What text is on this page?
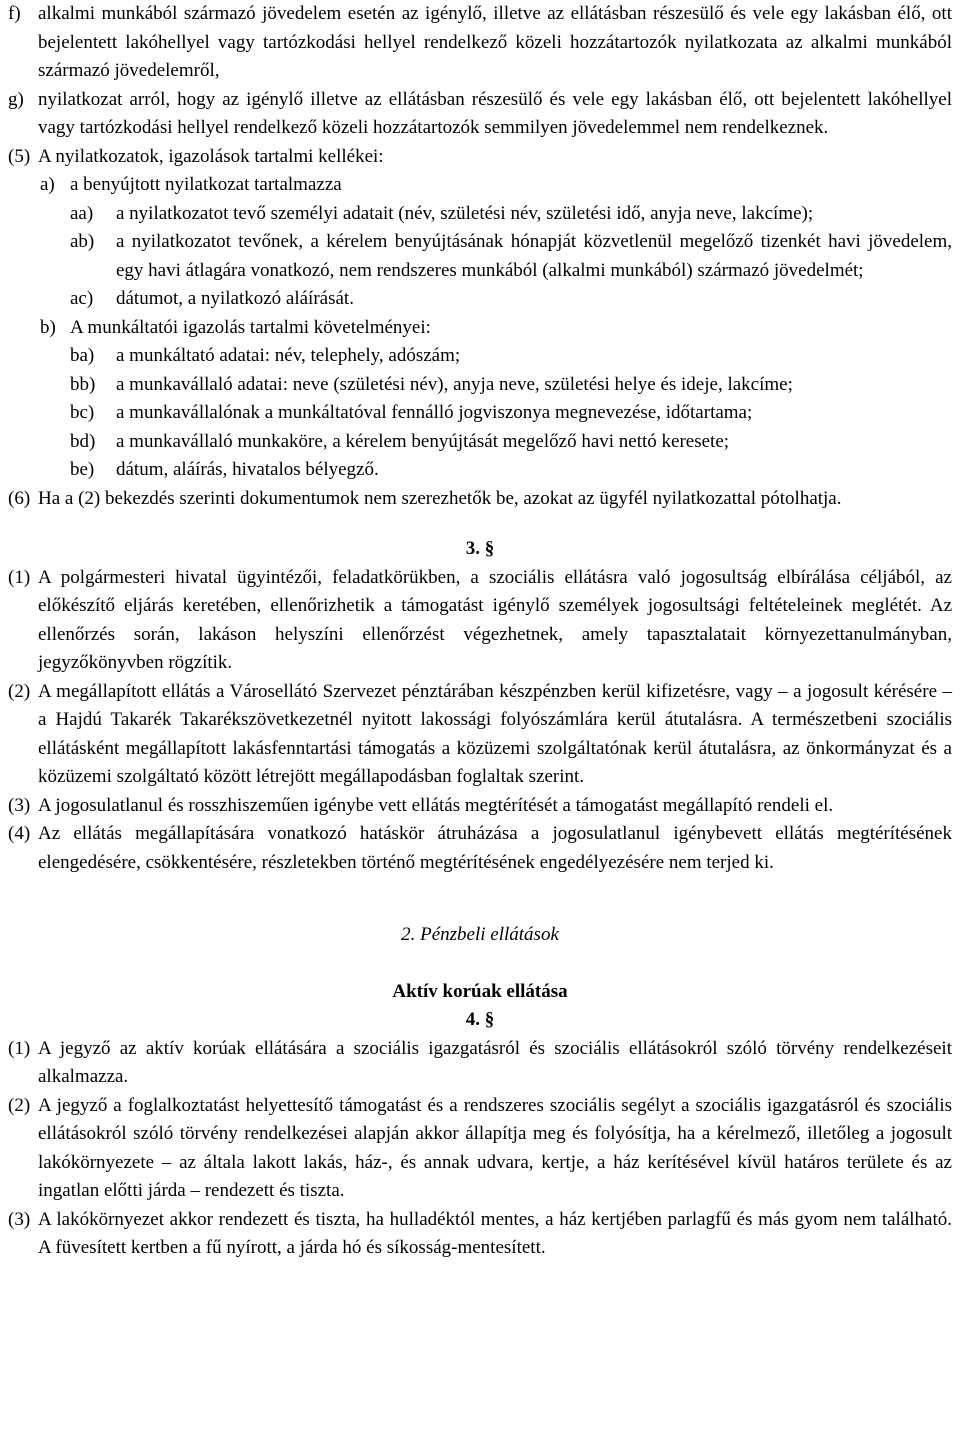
f) alkalmi munkából származó jövedelem esetén az igénylő, illetve az ellátásban részesülő és vele egy lakásban élő, ott bejelentett lakóhellyel vagy tartózkodási hellyel rendelkező közeli hozzátartozók nyilatkozata az alkalmi munkából származó jövedelemről,

g) nyilatkozat arról, hogy az igénylő illetve az ellátásban részesülő és vele egy lakásban élő, ott bejelentett lakóhellyel vagy tartózkodási hellyel rendelkező közeli hozzátartozók semmilyen jövedelemmel nem rendelkeznek.

(5) A nyilatkozatok, igazolások tartalmi kellékei:

a) a benyújtott nyilatkozat tartalmazza

aa)	a nyilatkozatot tevő személyi adatait (név, születési név, születési idő, anyja neve, lakcíme);

ab)	a nyilatkozatot tevőnek, a kérelem benyújtásának hónapját közvetlenül megelőző tizenkét havi jövedelem, egy havi átlagára vonatkozó, nem rendszeres munkából (alkalmi munkából) származó jövedelmét;

ac)	dátumot, a nyilatkozó aláírását.

b) A munkáltatói igazolás tartalmi követelményei:

ba)	a munkáltató adatai: név, telephely, adószám;

bb)	a munkavállaló adatai: neve (születési név), anyja neve, születési helye és ideje, lakcíme;

bc)	a munkavállalónak a munkáltatóval fennálló jogviszonya megnevezése, időtartama;

bd)	a munkavállaló munkaköre, a kérelem benyújtását megelőző havi nettó keresete;

be)	dátum, aláírás, hivatalos bélyegző.

(6) Ha a (2) bekezdés szerinti dokumentumok nem szerezhetők be, azokat az ügyfél nyilatkozattal pótolhatja.

3. §

(1) A polgármesteri hivatal ügyintézői, feladatkörükben, a szociális ellátásra való jogosultság elbírálása céljából, az előkészítő eljárás keretében, ellenőrizhetik a támogatást igénylő személyek jogosultsági feltételeinek meglétét. Az ellenőrzés során, lakáson helyszíni ellenőrzést végezhetnek, amely tapasztalatait környezettanulmányban, jegyzőkönyvben rögzítik.

(2) A megállapított ellátás a Városellátó Szervezet pénztárában készpénzben kerül kifizetésre, vagy – a jogosult kérésére – a Hajdú Takarék Takarékszövetkezetnél nyitott lakossági folyószámlára kerül átutalásra. A természetbeni szociális ellátásként megállapított lakásfenntartási támogatás a közüzemi szolgáltatónak kerül átutalásra, az önkormányzat és a közüzemi szolgáltató között létrejött megállapodásban foglaltak szerint.

(3) A jogosulatlanul és rosszhiszeműen igénybe vett ellátás megtérítését a támogatást megállapító rendeli el.

(4) Az ellátás megállapítására vonatkozó hatáskör átruházása a jogosulatlanul igénybevett ellátás megtérítésének elengedésére, csökkentésére, részletekben történő megtérítésének engedélyezésére nem terjed ki.

2. Pénzbeli ellátások

Aktív korúak ellátása

4. §

(1) A jegyző az aktív korúak ellátására a szociális igazgatásról és szociális ellátásokról szóló törvény rendelkezéseit alkalmazza.

(2) A jegyző a foglalkoztatást helyettesítő támogatást és a rendszeres szociális segélyt a szociális igazgatásról és szociális ellátásokról szóló törvény rendelkezései alapján akkor állapítja meg és folyósítja, ha a kérelmező, illetőleg a jogosult lakókörnyezete – az általa lakott lakás, ház-, és annak udvara, kertje, a ház kerítésével kívül határos területe és az ingatlan előtti járda – rendezett és tiszta.

(3) A lakókörnyezet akkor rendezett és tiszta, ha hulladéktól mentes, a ház kertjében parlagfű és más gyom nem található. A füvesített kertben a fű nyírott, a járda hó és síkosság-mentesített.
